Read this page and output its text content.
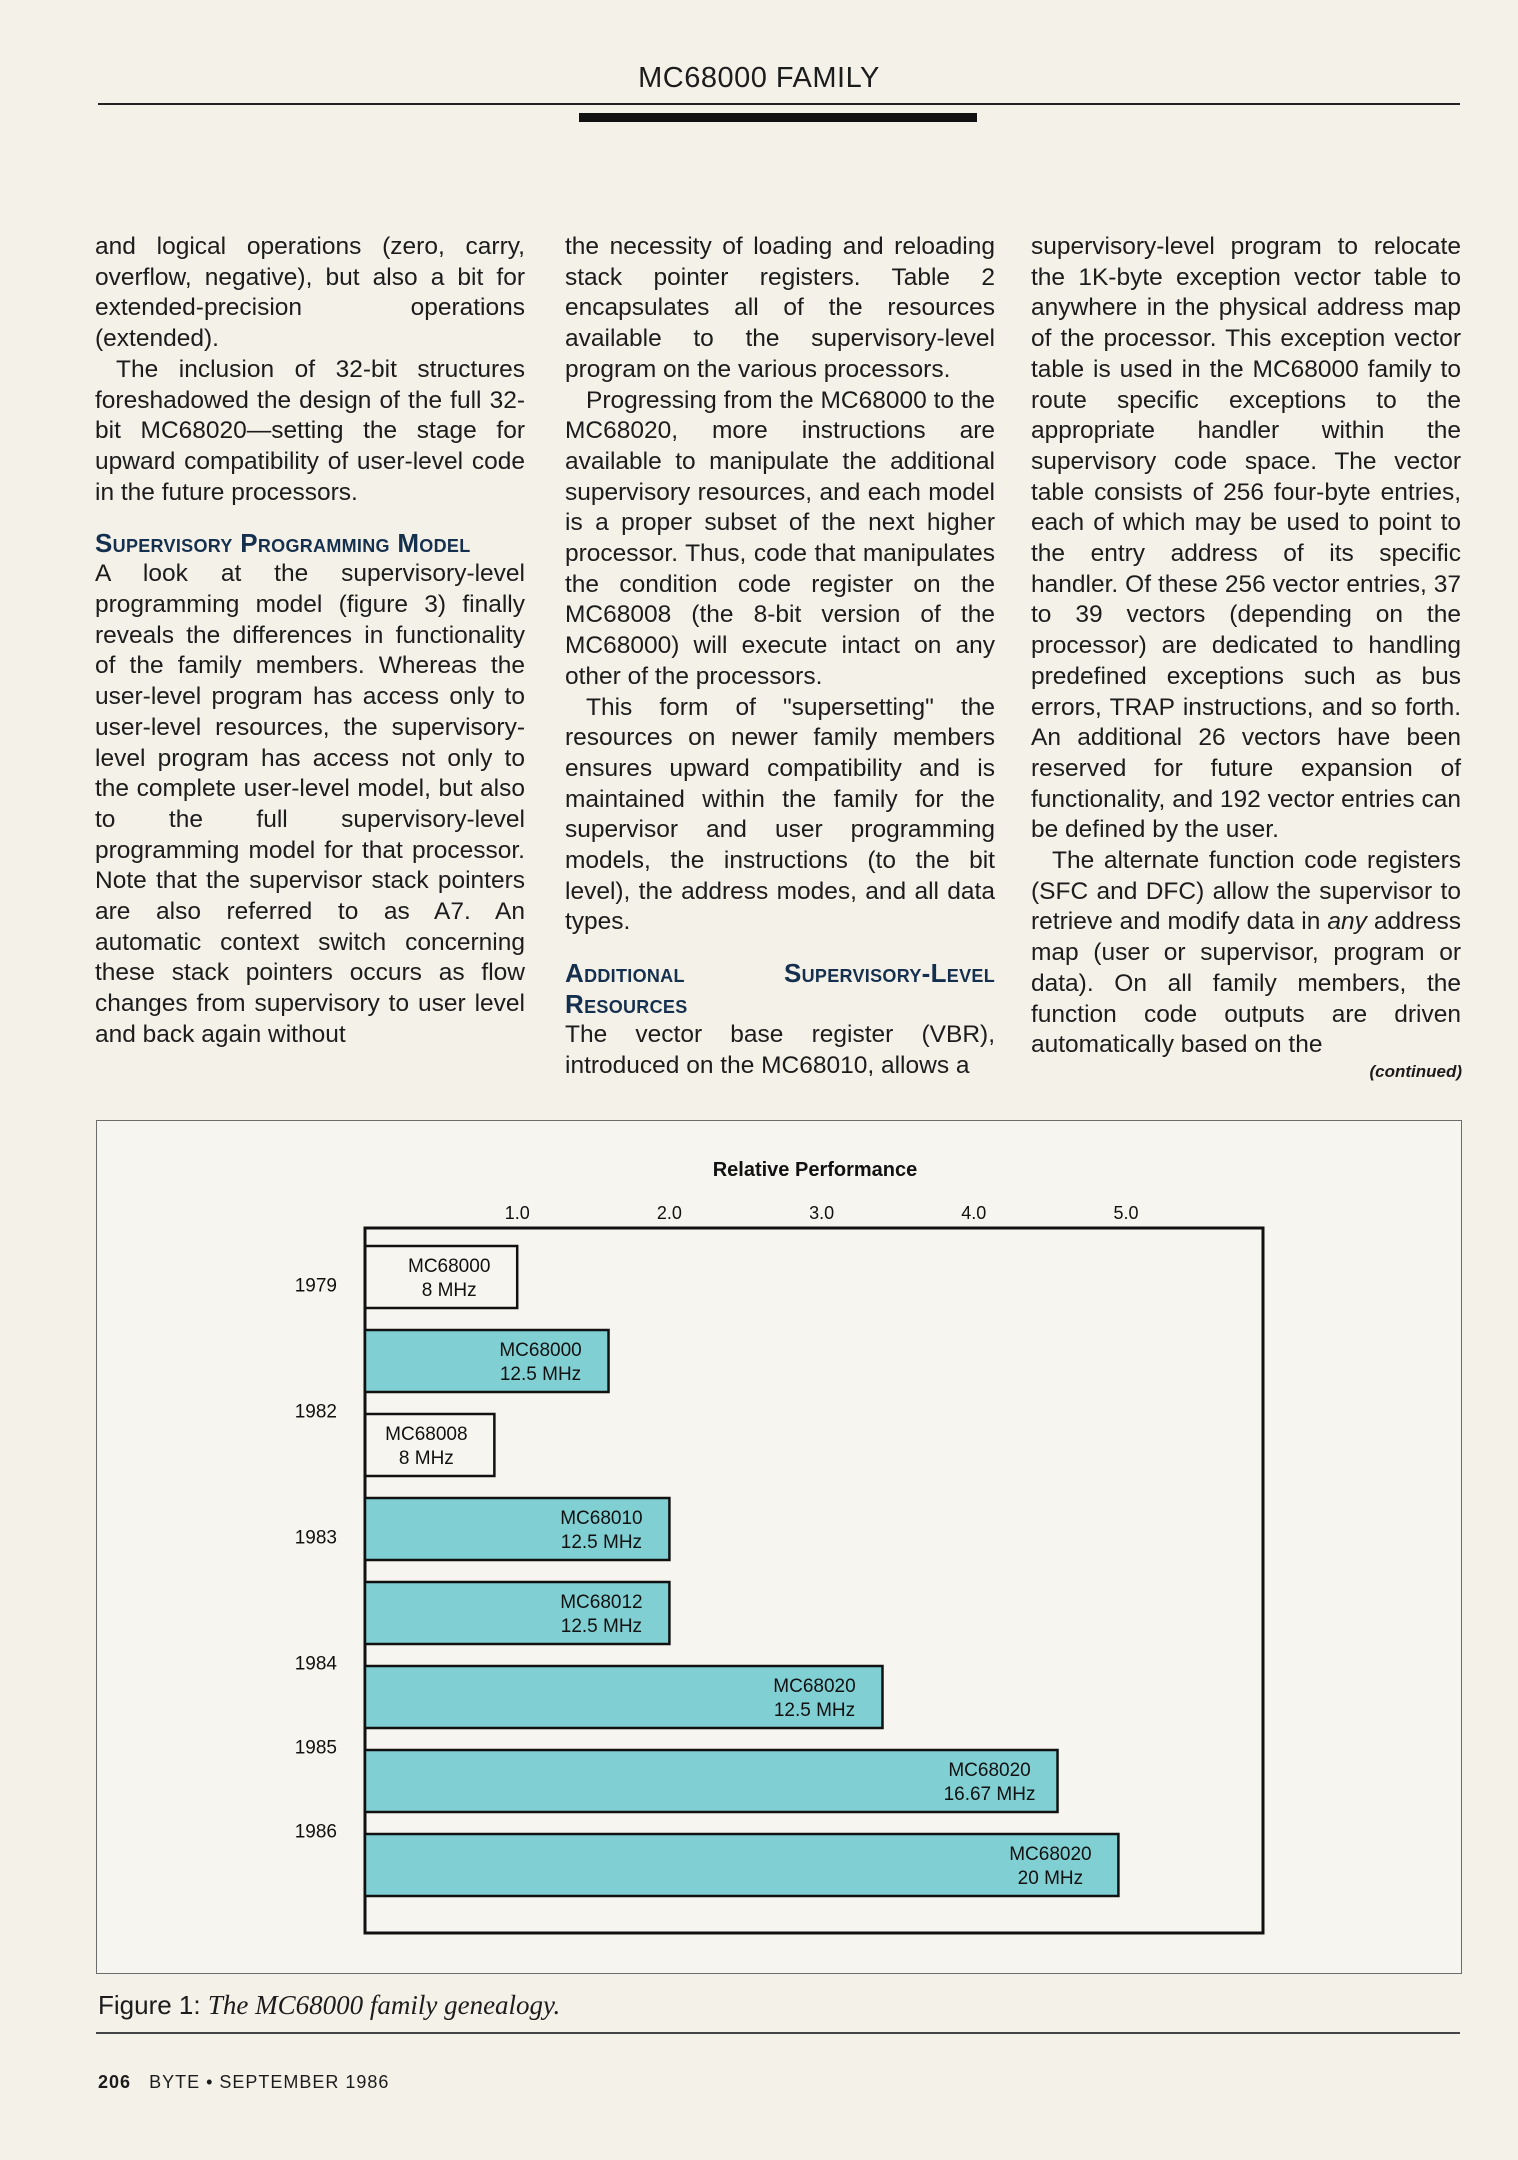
MC68000 FAMILY

and logical operations (zero, carry, overflow, negative), but also a bit for extended-precision operations (extended).

The inclusion of 32-bit structures foreshadowed the design of the full 32-bit MC68020—setting the stage for upward compatibility of user-level code in the future processors.

Supervisory Programming Model

A look at the supervisory-level programming model (figure 3) finally reveals the differences in functionality of the family members. Whereas the user-level program has access only to user-level resources, the supervisory-level program has access not only to the complete user-level model, but also to the full supervisory-level programming model for that processor. Note that the supervisor stack pointers are also referred to as A7. An automatic context switch concerning these stack pointers occurs as flow changes from supervisory to user level and back again without

the necessity of loading and reloading stack pointer registers. Table 2 encapsulates all of the resources available to the supervisory-level program on the various processors.

Progressing from the MC68000 to the MC68020, more instructions are available to manipulate the additional supervisory resources, and each model is a proper subset of the next higher processor. Thus, code that manipulates the condition code register on the MC68008 (the 8-bit version of the MC68000) will execute intact on any other of the processors.

This form of "supersetting" the resources on newer family members ensures upward compatibility and is maintained within the family for the supervisor and user programming models, the instructions (to the bit level), the address modes, and all data types.

Additional Supervisory-Level Resources

The vector base register (VBR), introduced on the MC68010, allows a

supervisory-level program to relocate the 1K-byte exception vector table to anywhere in the physical address map of the processor. This exception vector table is used in the MC68000 family to route specific exceptions to the appropriate handler within the supervisory code space. The vector table consists of 256 four-byte entries, each of which may be used to point to the entry address of its specific handler. Of these 256 vector entries, 37 to 39 vectors (depending on the processor) are dedicated to handling predefined exceptions such as bus errors, TRAP instructions, and so forth. An additional 26 vectors have been reserved for future expansion of functionality, and 192 vector entries can be defined by the user.

The alternate function code registers (SFC and DFC) allow the supervisor to retrieve and modify data in any address map (user or supervisor, program or data). On all family members, the function code outputs are driven automatically based on the

(continued)
Relative Performance
1.0	2.0	3.0	4.0	5.0
1979
1982
1983
1984
1985
1986
MC68000
8 MHz
MC68000
12.5 MHz
MC68008
8 MHz
MC68010
12.5 MHz
MC68012
12.5 MHz
MC68020
12.5 MHz
MC68020
16.67 MHz
MC68020
20 MHz
Figure 1: The MC68000 family genealogy.
206 BYTE • SEPTEMBER 1986
